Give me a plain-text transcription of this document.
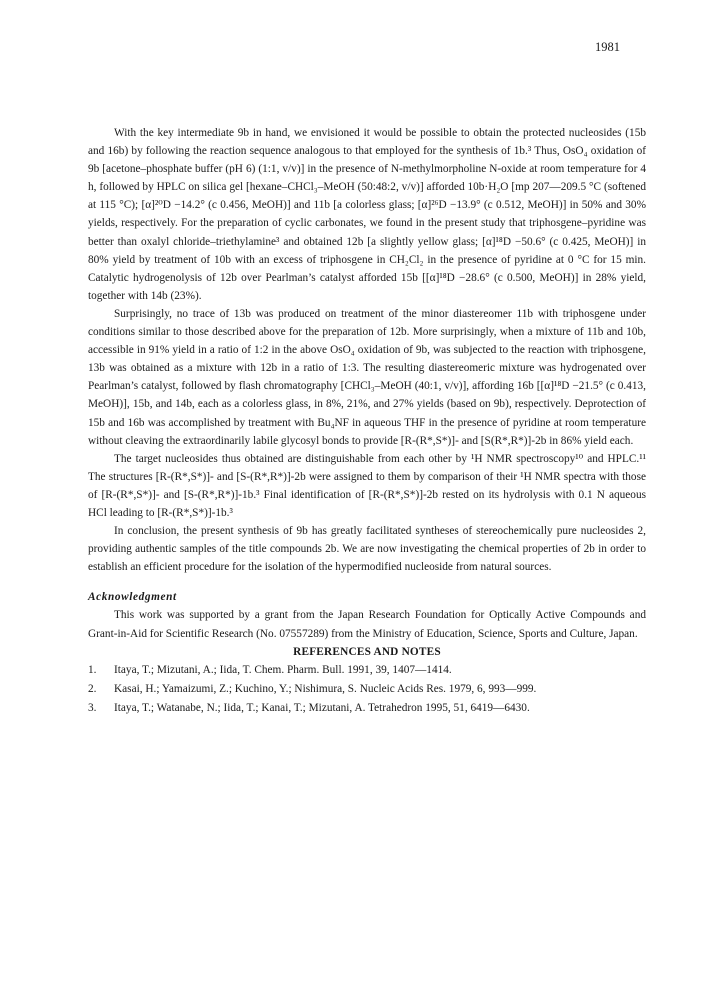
1981

With the key intermediate 9b in hand, we envisioned it would be possible to obtain the protected nucleosides (15b and 16b) by following the reaction sequence analogous to that employed for the synthesis of 1b.³ Thus, OsO₄ oxidation of 9b [acetone–phosphate buffer (pH 6) (1:1, v/v)] in the presence of N-methylmorpholine N-oxide at room temperature for 4 h, followed by HPLC on silica gel [hexane–CHCl₃–MeOH (50:48:2, v/v)] afforded 10b·H₂O [mp 207—209.5 °C (softened at 115 °C); [α]²⁰D −14.2° (c 0.456, MeOH)] and 11b [a colorless glass; [α]²⁶D −13.9° (c 0.512, MeOH)] in 50% and 30% yields, respectively. For the preparation of cyclic carbonates, we found in the present study that triphosgene–pyridine was better than oxalyl chloride–triethylamine³ and obtained 12b [a slightly yellow glass; [α]¹⁸D −50.6° (c 0.425, MeOH)] in 80% yield by treatment of 10b with an excess of triphosgene in CH₂Cl₂ in the presence of pyridine at 0 °C for 15 min. Catalytic hydrogenolysis of 12b over Pearlman’s catalyst afforded 15b [[α]¹⁸D −28.6° (c 0.500, MeOH)] in 28% yield, together with 14b (23%).

Surprisingly, no trace of 13b was produced on treatment of the minor diastereomer 11b with triphosgene under conditions similar to those described above for the preparation of 12b. More surprisingly, when a mixture of 11b and 10b, accessible in 91% yield in a ratio of 1:2 in the above OsO₄ oxidation of 9b, was subjected to the reaction with triphosgene, 13b was obtained as a mixture with 12b in a ratio of 1:3. The resulting diastereomeric mixture was hydrogenated over Pearlman’s catalyst, followed by flash chromatography [CHCl₃–MeOH (40:1, v/v)], affording 16b [[α]¹⁸D −21.5° (c 0.413, MeOH)], 15b, and 14b, each as a colorless glass, in 8%, 21%, and 27% yields (based on 9b), respectively. Deprotection of 15b and 16b was accomplished by treatment with Bu₄NF in aqueous THF in the presence of pyridine at room temperature without cleaving the extraordinarily labile glycosyl bonds to provide [R-(R*,S*)]- and [S(R*,R*)]-2b in 86% yield each.

The target nucleosides thus obtained are distinguishable from each other by ¹H NMR spectroscopy¹⁰ and HPLC.¹¹ The structures [R-(R*,S*)]- and [S-(R*,R*)]-2b were assigned to them by comparison of their ¹H NMR spectra with those of [R-(R*,S*)]- and [S-(R*,R*)]-1b.³ Final identification of [R-(R*,S*)]-2b rested on its hydrolysis with 0.1 N aqueous HCl leading to [R-(R*,S*)]-1b.³

In conclusion, the present synthesis of 9b has greatly facilitated syntheses of stereochemically pure nucleosides 2, providing authentic samples of the title compounds 2b. We are now investigating the chemical properties of 2b in order to establish an efficient procedure for the isolation of the hypermodified nucleoside from natural sources.

Acknowledgment

This work was supported by a grant from the Japan Research Foundation for Optically Active Compounds and Grant-in-Aid for Scientific Research (No. 07557289) from the Ministry of Education, Science, Sports and Culture, Japan.

REFERENCES AND NOTES

1.	Itaya, T.; Mizutani, A.; Iida, T. Chem. Pharm. Bull. 1991, 39, 1407—1414.
2.	Kasai, H.; Yamaizumi, Z.; Kuchino, Y.; Nishimura, S. Nucleic Acids Res. 1979, 6, 993—999.
3.	Itaya, T.; Watanabe, N.; Iida, T.; Kanai, T.; Mizutani, A. Tetrahedron 1995, 51, 6419—6430.
